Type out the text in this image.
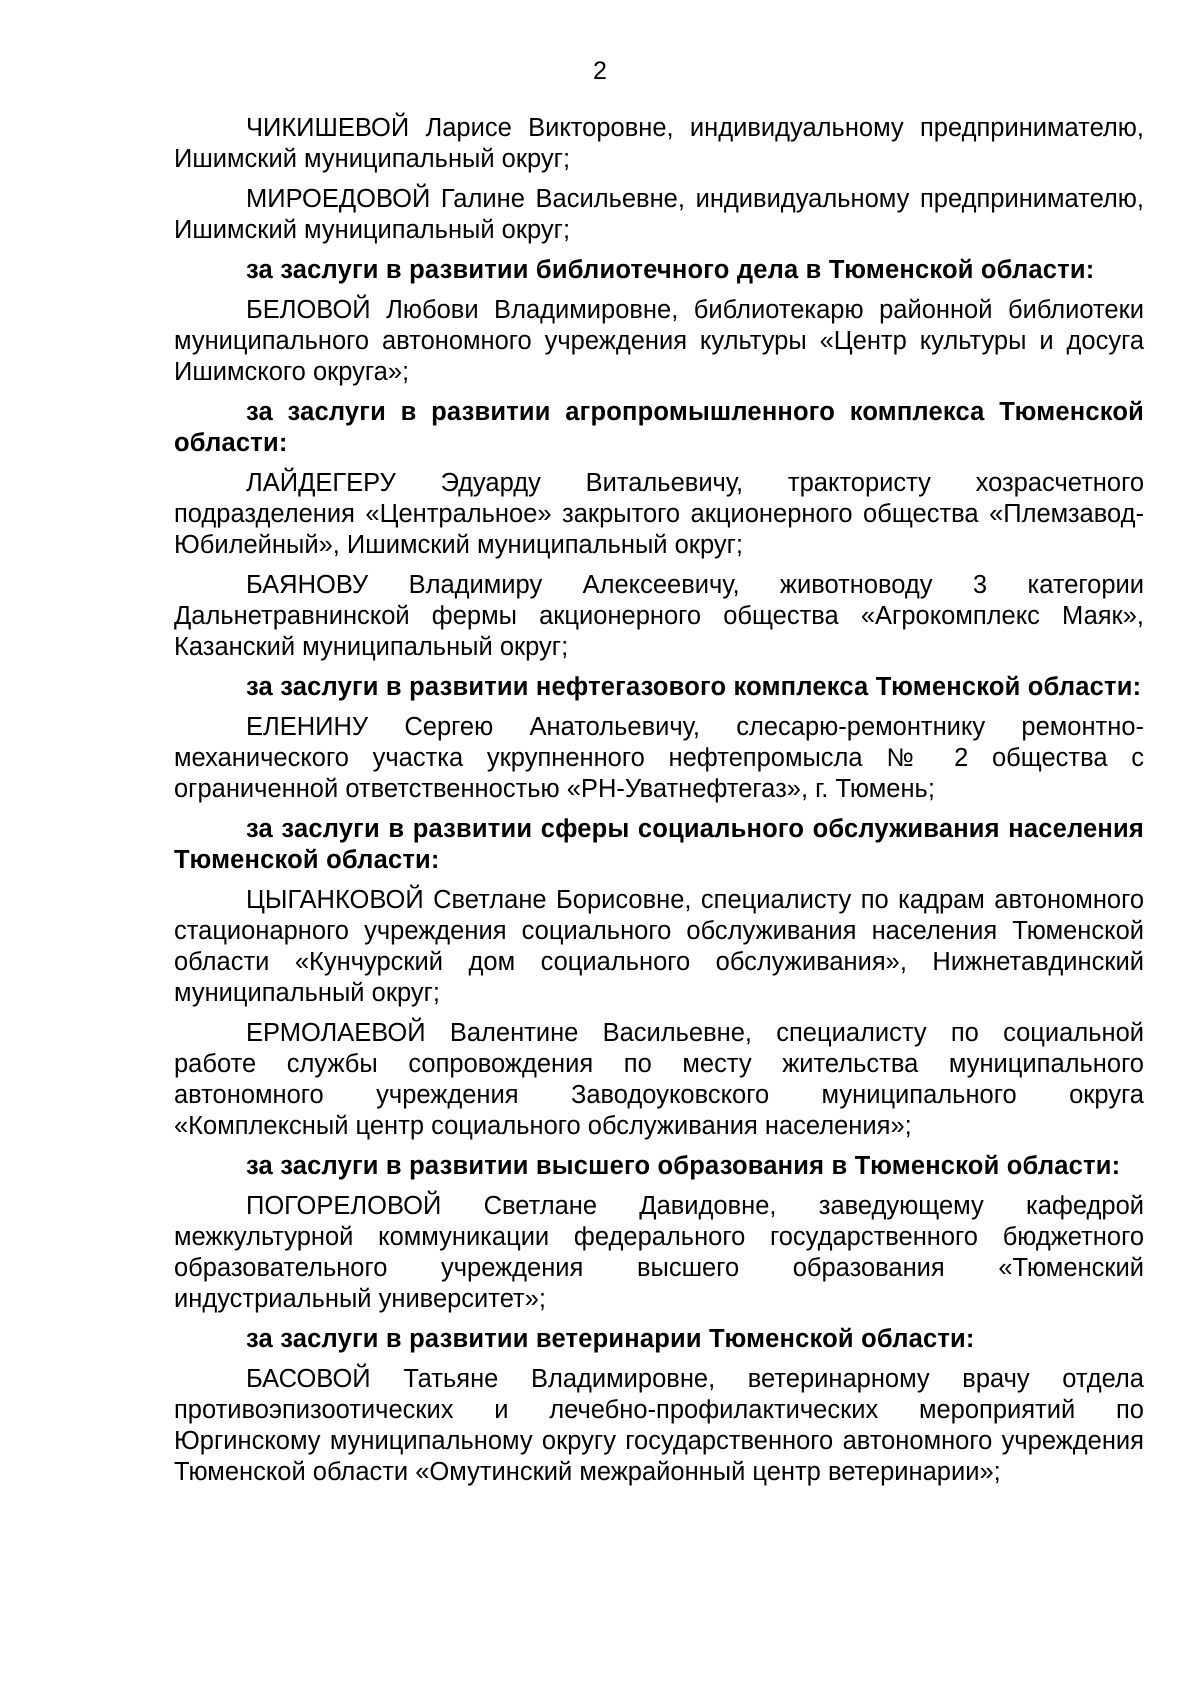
2

ЧИКИШЕВОЙ Ларисе Викторовне, индивидуальному предпринимателю, Ишимский муниципальный округ;

МИРОЕДОВОЙ Галине Васильевне, индивидуальному предпринимателю, Ишимский муниципальный округ;

за заслуги в развитии библиотечного дела в Тюменской области:

БЕЛОВОЙ Любови Владимировне, библиотекарю районной библиотеки муниципального автономного учреждения культуры «Центр культуры и досуга Ишимского округа»;

за заслуги в развитии агропромышленного комплекса Тюменской области:

ЛАЙДЕГЕРУ Эдуарду Витальевичу, трактористу хозрасчетного подразделения «Центральное» закрытого акционерного общества «Племзавод-Юбилейный», Ишимский муниципальный округ;

БАЯНОВУ Владимиру Алексеевичу, животноводу 3 категории Дальнетравнинской фермы акционерного общества «Агрокомплекс Маяк», Казанский муниципальный округ;

за заслуги в развитии нефтегазового комплекса Тюменской области:

ЕЛЕНИНУ Сергею Анатольевичу, слесарю-ремонтнику ремонтно-механического участка укрупненного нефтепромысла № 2 общества с ограниченной ответственностью «РН-Уватнефтегаз», г. Тюмень;

за заслуги в развитии сферы социального обслуживания населения Тюменской области:

ЦЫГАНКОВОЙ Светлане Борисовне, специалисту по кадрам автономного стационарного учреждения социального обслуживания населения Тюменской области «Кунчурский дом социального обслуживания», Нижнетавдинский муниципальный округ;

ЕРМОЛАЕВОЙ Валентине Васильевне, специалисту по социальной работе службы сопровождения по месту жительства муниципального автономного учреждения Заводоуковского муниципального округа «Комплексный центр социального обслуживания населения»;

за заслуги в развитии высшего образования в Тюменской области:

ПОГОРЕЛОВОЙ Светлане Давидовне, заведующему кафедрой межкультурной коммуникации федерального государственного бюджетного образовательного учреждения высшего образования «Тюменский индустриальный университет»;

за заслуги в развитии ветеринарии Тюменской области:

БАСОВОЙ Татьяне Владимировне, ветеринарному врачу отдела противоэпизоотических и лечебно-профилактических мероприятий по Юргинскому муниципальному округу государственного автономного учреждения Тюменской области «Омутинский межрайонный центр ветеринарии»;
